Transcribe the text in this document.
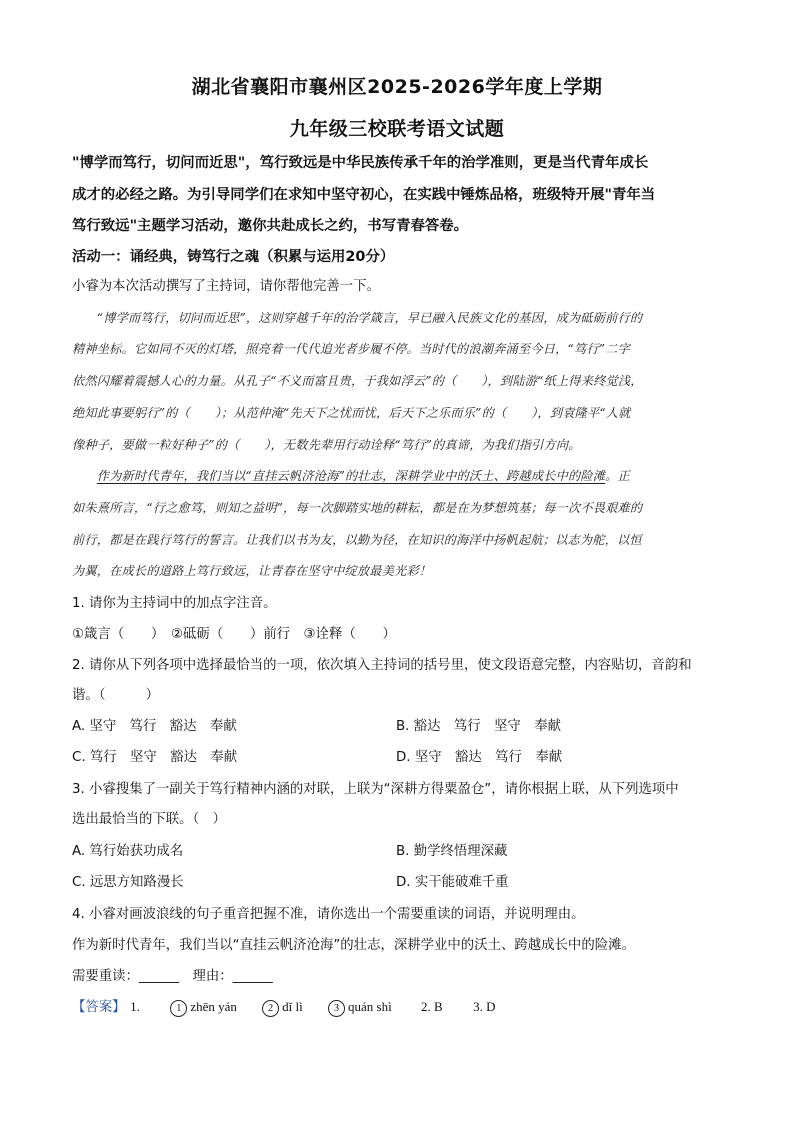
湖北省襄阳市襄州区2025-2026学年度上学期
九年级三校联考语文试题
"博学而笃行，切问而近思"，笃行致远是中华民族传承千年的治学准则，更是当代青年成长
成才的必经之路。为引导同学们在求知中坚守初心，在实践中锤炼品格，班级特开展"青年当
笃行致远"主题学习活动，邀你共赴成长之约，书写青春答卷。
活动一：诵经典，铸笃行之魂（积累与运用20分）
小睿为本次活动撰写了主持词，请你帮他完善一下。
　　“博学而笃行，切问而近思”，这则穿越千年的治学箴言，早已融入民族文化的基因，成为砥砺前行的
精神坐标。它如同不灭的灯塔，照亮着一代代追光者步履不停。当时代的浪潮奔涌至今日，“笃行”二字
依然闪耀着震撼人心的力量。从孔子“不义而富且贵，于我如浮云”的（　　），到陆游“纸上得来终觉浅，
绝知此事要躬行”的（　　）；从范仲淹“先天下之忧而忧，后天下之乐而乐”的（　　），到袁隆平“人就
像种子，要做一粒好种子”的（　　），无数先辈用行动诠释“笃行”的真谛，为我们指引方向。
　　作为新时代青年，我们当以“直挂云帆济沧海”的壮志，深耕学业中的沃土、跨越成长中的险滩。正
如朱熹所言，“行之愈笃，则知之益明”，每一次脚踏实地的耕耘，都是在为梦想筑基；每一次不畏艰难的
前行，都是在践行笃行的誓言。让我们以书为友，以勤为径，在知识的海洋中扬帆起航；以志为舵，以恒
为翼，在成长的道路上笃行致远，让青春在坚守中绽放最美光彩！
1. 请你为主持词中的加点字注音。
①箴言（　　）　②砥砺（　　）前行　③诠释（　　）
2. 请你从下列各项中选择最恰当的一项，依次填入主持词的括号里，使文段语意完整，内容贴切，音韵和
谐。（　　　）
A. 坚守　笃行　豁达　奉献	B. 豁达　笃行　坚守　奉献
C. 笃行　坚守　豁达　奉献	D. 坚守　豁达　笃行　奉献
3. 小睿搜集了一副关于笃行精神内涵的对联，上联为“深耕方得粟盈仓”，请你根据上联，从下列选项中
选出最恰当的下联。（　）
A. 笃行始获功成名	B. 勤学终悟理深藏
C. 远思方知路漫长	D. 实干能破难千重
4. 小睿对画波浪线的句子重音把握不准，请你选出一个需要重读的词语，并说明理由。
作为新时代青年，我们当以“直挂云帆济沧海”的壮志，深耕学业中的沃土、跨越成长中的险滩。
需要重读：______　理由：______
【答案】 1.	1 zhēn yán	2 dǐ lì	3 quán shì 2. B 3. D
